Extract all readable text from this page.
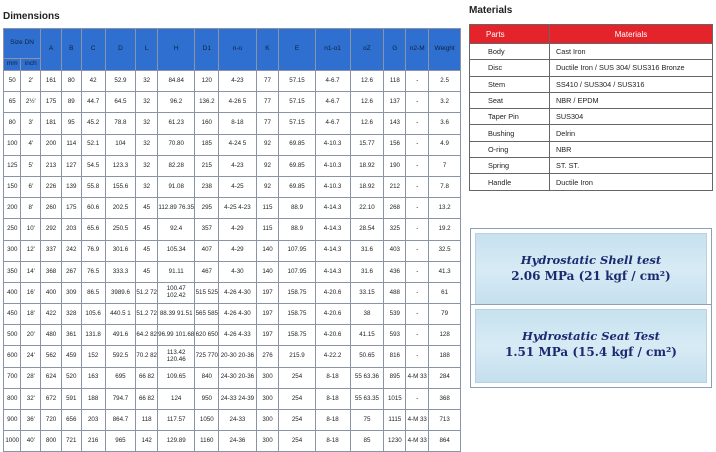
Dimensions
Size DN		A	B	C	D	L	H	D1	n-o	K	E	n1-o1	oZ	G	n2-M	Weight
mm	inch															
50	2'	161	80	42	52.9	32	84.84	120	4-23	77	57.15	4-6.7	12.6	118	-	2.5
65	2½'	175	89	44.7	64.5	32	96.2	136.2	4-26 5	77	57.15	4-6.7	12.6	137	-	3.2
80	3'	181	95	45.2	78.8	32	61.23	160	8-18	77	57.15	4-6.7	12.6	143	-	3.6
100	4'	200	114	52.1	104	32	70.80	185	4-24 5	92	69.85	4-10.3	15.77	156	-	4.9
125	5'	213	127	54.5	123.3	32	82.28	215	4-23	92	69.85	4-10.3	18.92	190	-	7
150	6'	226	139	55.8	155.6	32	91.08	238	4-25	92	69.85	4-10.3	18.92	212	-	7.8
200	8'	260	175	60.6	202.5	45	112.89 76.35	295	4-25 4-23	115	88.9	4-14.3	22.10	268	-	13.2
250	10'	292	203	65.6	250.5	45	92.4	357	4-29	115	88.9	4-14.3	28.54	325	-	19.2
300	12'	337	242	76.9	301.6	45	105.34	407	4-29	140	107.95	4-14.3	31.6	403	-	32.5
350	14'	368	267	76.5	333.3	45	91.11	467	4-30	140	107.95	4-14.3	31.6	436	-	41.3
400	16'	400	309	86.5	3989.6	51.2 72	100.47 102.42	515 525	4-26 4-30	197	158.75	4-20.6	33.15	488	-	61
450	18'	422	328	105.6	440.5 1	51.2 72	88.39 91.51	565 585	4-26 4-30	197	158.75	4-20.6	38	539	-	79
500	20'	480	361	131.8	491.6	64.2 82	96.99 101.68	620 650	4-26 4-33	197	158.75	4-20.6	41.15	593	-	128
600	24'	562	459	152	592.5	70.2 82	113.42 120.46	725 770	20-30 20-36	276	215.9	4-22.2	50.65	816	-	188
700	28'	624	520	163	695	66 82	109.65	840	24-30 20-36	300	254	8-18	55 63.36	895	4-M 33	284
800	32'	672	591	188	794.7	66 82	124	950	24-33 24-39	300	254	8-18	55 63.35	1015	-	368
900	36'	720	656	203	864.7	118	117.57	1050	24-33	300	254	8-18	75	1115	4-M 33	713
1000	40'	800	721	216	965	142	129.89	1160	24-36	300	254	8-18	85	1230	4-M 33	864
Materials
Parts	Materials
Body	Cast Iron
Disc	Ductile Iron / SUS 304/ SUS316 Bronze
Stem	SS410 / SUS304 / SUS316
Seat	NBR / EPDM
Taper Pin	SUS304
Bushing	Delrin
O-ring	NBR
Spring	ST. ST.
Handle	Ductile Iron
Hydrostatic Shell test
2.06 MPa (21 kgf / cm²)
Hydrostatic Seat Test
1.51 MPa (15.4 kgf / cm²)
